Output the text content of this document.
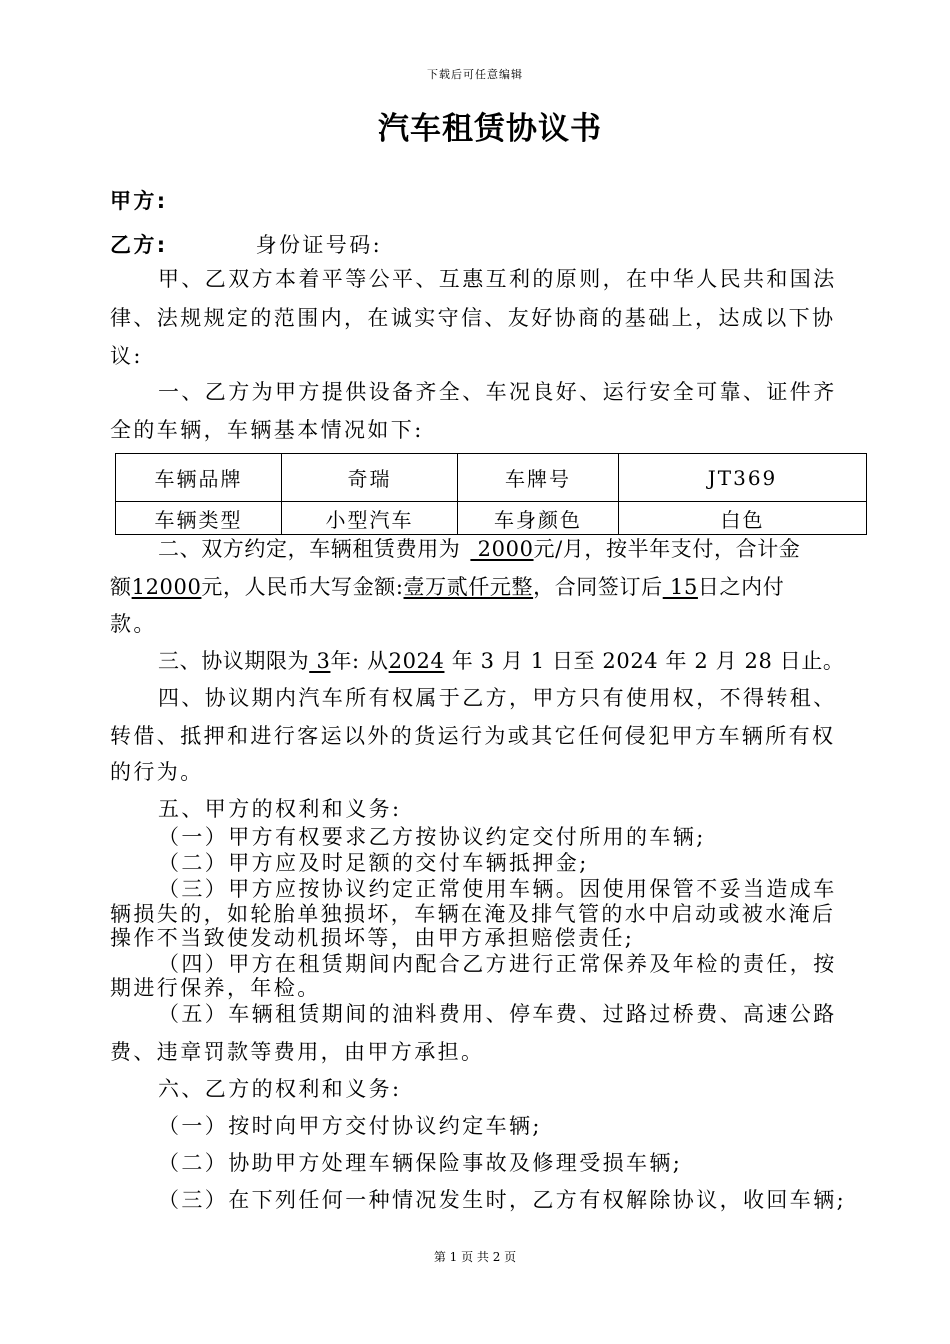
下载后可任意编辑
汽车租赁协议书
甲方:
乙方:	身份证号码:
甲、乙双方本着平等公平、互惠互利的原则，在中华人民共和国法
律、法规规定的范围内，在诚实守信、友好协商的基础上，达成以下协
议:
一、乙方为甲方提供设备齐全、车况良好、运行安全可靠、证件齐
全的车辆，车辆基本情况如下:
车辆品牌	奇瑞	车牌号	JT369
车辆类型	小型汽车	车身颜色	白色
二、双方约定，车辆租赁费用为 2000元/月，按半年支付，合计金
额12000元，人民币大写金额:壹万贰仟元整，合同签订后 15日之内付
款。
三、协议期限为 3年: 从2024 年 3 月 1 日至 2024 年 2 月 28 日止。
四、协议期内汽车所有权属于乙方，甲方只有使用权，不得转租、
转借、抵押和进行客运以外的货运行为或其它任何侵犯甲方车辆所有权
的行为。
五、甲方的权利和义务:
（一）甲方有权要求乙方按协议约定交付所用的车辆;
（二）甲方应及时足额的交付车辆抵押金;
（三）甲方应按协议约定正常使用车辆。因使用保管不妥当造成车
辆损失的，如轮胎单独损坏，车辆在淹及排气管的水中启动或被水淹后
操作不当致使发动机损坏等，由甲方承担赔偿责任;
（四）甲方在租赁期间内配合乙方进行正常保养及年检的责任，按
期进行保养，年检。
（五）车辆租赁期间的油料费用、停车费、过路过桥费、高速公路
费、违章罚款等费用，由甲方承担。
六、乙方的权利和义务:
（一）按时向甲方交付协议约定车辆;
（二）协助甲方处理车辆保险事故及修理受损车辆;
（三）在下列任何一种情况发生时，乙方有权解除协议，收回车辆;
第 1 页 共 2 页
